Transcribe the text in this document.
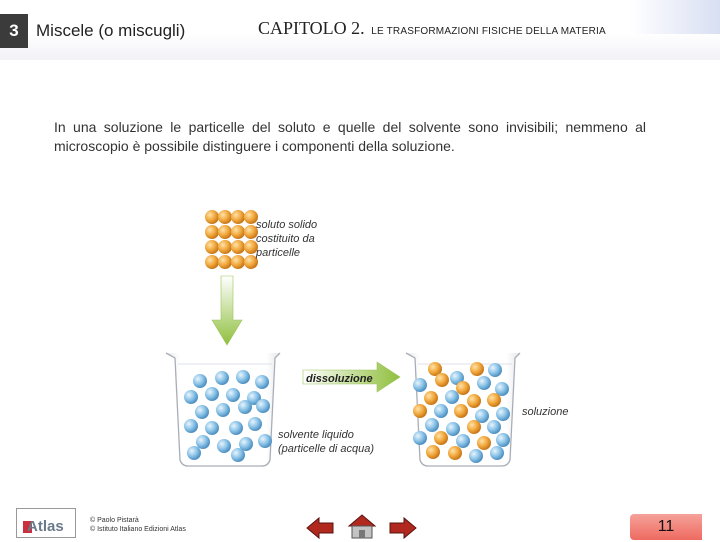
3	Miscele (o miscugli)	CAPITOLO 2. LE TRASFORMAZIONI FISICHE DELLA MATERIA
In una soluzione le particelle del soluto e quelle del solvente sono invisibili; nemmeno al microscopio è possibile distinguere i componenti della soluzione.
dissoluzione
soluto solido
costituito da
particelle
soluzione
solvente liquido
(particelle di acqua)
Atlas	© Paolo Pistarà
© Istituto Italiano Edizioni Atlas	11
